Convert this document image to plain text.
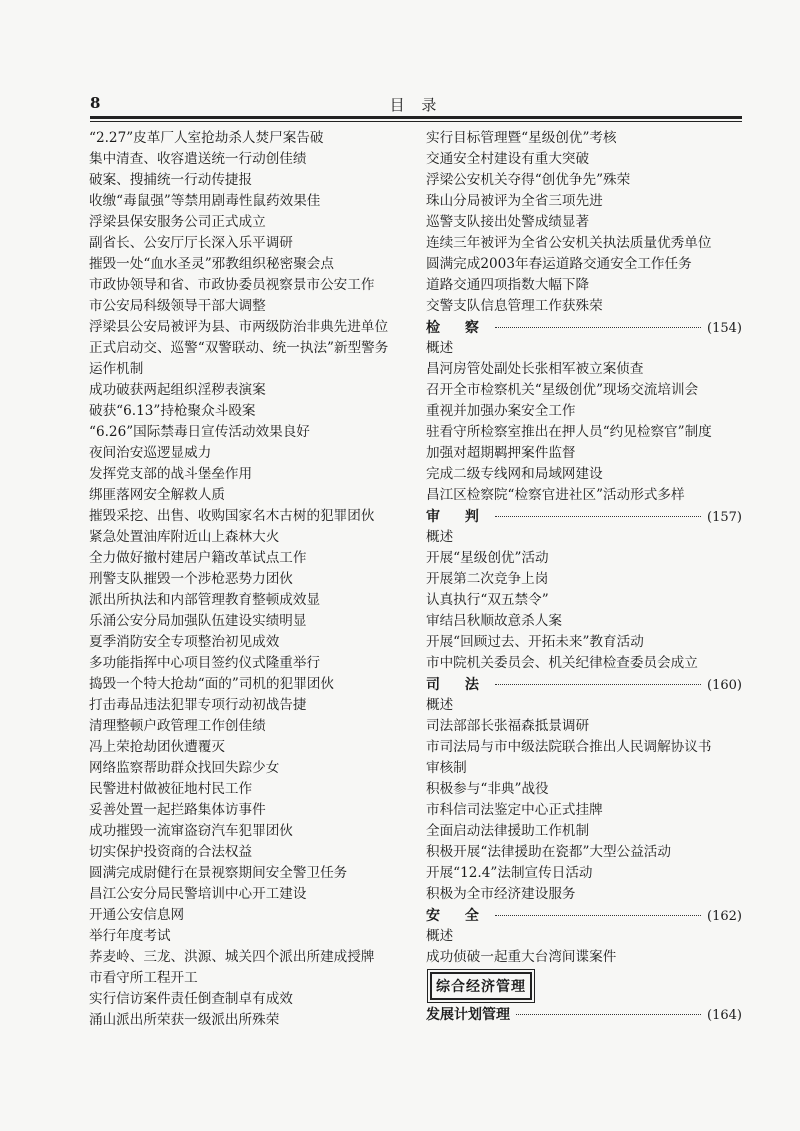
8	目 录
“2.27”皮革厂人室抢劫杀人焚尸案告破
集中清查、收容遣送统一行动创佳绩
破案、搜捕统一行动传捷报
收缴“毒鼠强”等禁用剧毒性鼠药效果佳
浮梁县保安服务公司正式成立
副省长、公安厅厅长深入乐平调研
摧毁一处“血水圣灵”邪教组织秘密聚会点
市政协领导和省、市政协委员视察景市公安工作
市公安局科级领导干部大调整
浮梁县公安局被评为县、市两级防治非典先进单位
正式启动交、巡警“双警联动、统一执法”新型警务
运作机制
成功破获两起组织淫秽表演案
破获“6.13”持枪聚众斗殴案
“6.26”国际禁毒日宣传活动效果良好
夜间治安巡逻显威力
发挥党支部的战斗堡垒作用
绑匪落网安全解救人质
摧毁采挖、出售、收购国家名木古树的犯罪团伙
紧急处置油库附近山上森林大火
全力做好撤村建居户籍改革试点工作
刑警支队摧毁一个涉枪恶势力团伙
派出所执法和内部管理教育整顿成效显
乐涌公安分局加强队伍建设实绩明显
夏季消防安全专项整治初见成效
多功能指挥中心项目签约仪式隆重举行
捣毁一个特大抢劫“面的”司机的犯罪团伙
打击毒品违法犯罪专项行动初战告捷
清理整顿户政管理工作创佳绩
冯上荣抢劫团伙遭覆灭
网络监察帮助群众找回失踪少女
民警进村做被征地村民工作
妥善处置一起拦路集体访事件
成功摧毁一流窜盗窃汽车犯罪团伙
切实保护投资商的合法权益
圆满完成尉健行在景视察期间安全警卫任务
昌江公安分局民警培训中心开工建设
开通公安信息网
举行年度考试
荞麦岭、三龙、洪源、城关四个派出所建成授牌
市看守所工程开工
实行信访案件责任倒查制卓有成效
涌山派出所荣获一级派出所殊荣
实行目标管理暨“星级创优”考核
交通安全村建设有重大突破
浮梁公安机关夺得“创优争先”殊荣
珠山分局被评为全省三项先进
巡警支队接出处警成绩显著
连续三年被评为全省公安机关执法质量优秀单位
圆满完成2003年春运道路交通安全工作任务
道路交通四项指数大幅下降
交警支队信息管理工作获殊荣
检 察	(154)
概述
昌河房管处副处长张相军被立案侦查
召开全市检察机关“星级创优”现场交流培训会
重视并加强办案安全工作
驻看守所检察室推出在押人员“约见检察官”制度
加强对超期羁押案件监督
完成二级专线网和局域网建设
昌江区检察院“检察官进社区”活动形式多样
审 判	(157)
概述
开展“星级创优”活动
开展第二次竞争上岗
认真执行“双五禁令”
审结吕秋顺故意杀人案
开展“回顾过去、开拓未来”教育活动
市中院机关委员会、机关纪律检查委员会成立
司 法	(160)
概述
司法部部长张福森抵景调研
市司法局与市中级法院联合推出人民调解协议书
审核制
积极参与“非典”战役
市科信司法鉴定中心正式挂牌
全面启动法律援助工作机制
积极开展“法律援助在瓷都”大型公益活动
开展“12.4”法制宣传日活动
积极为全市经济建设服务
安 全	(162)
概述
成功侦破一起重大台湾间谍案件
综合经济管理
发展计划管理	(164)
